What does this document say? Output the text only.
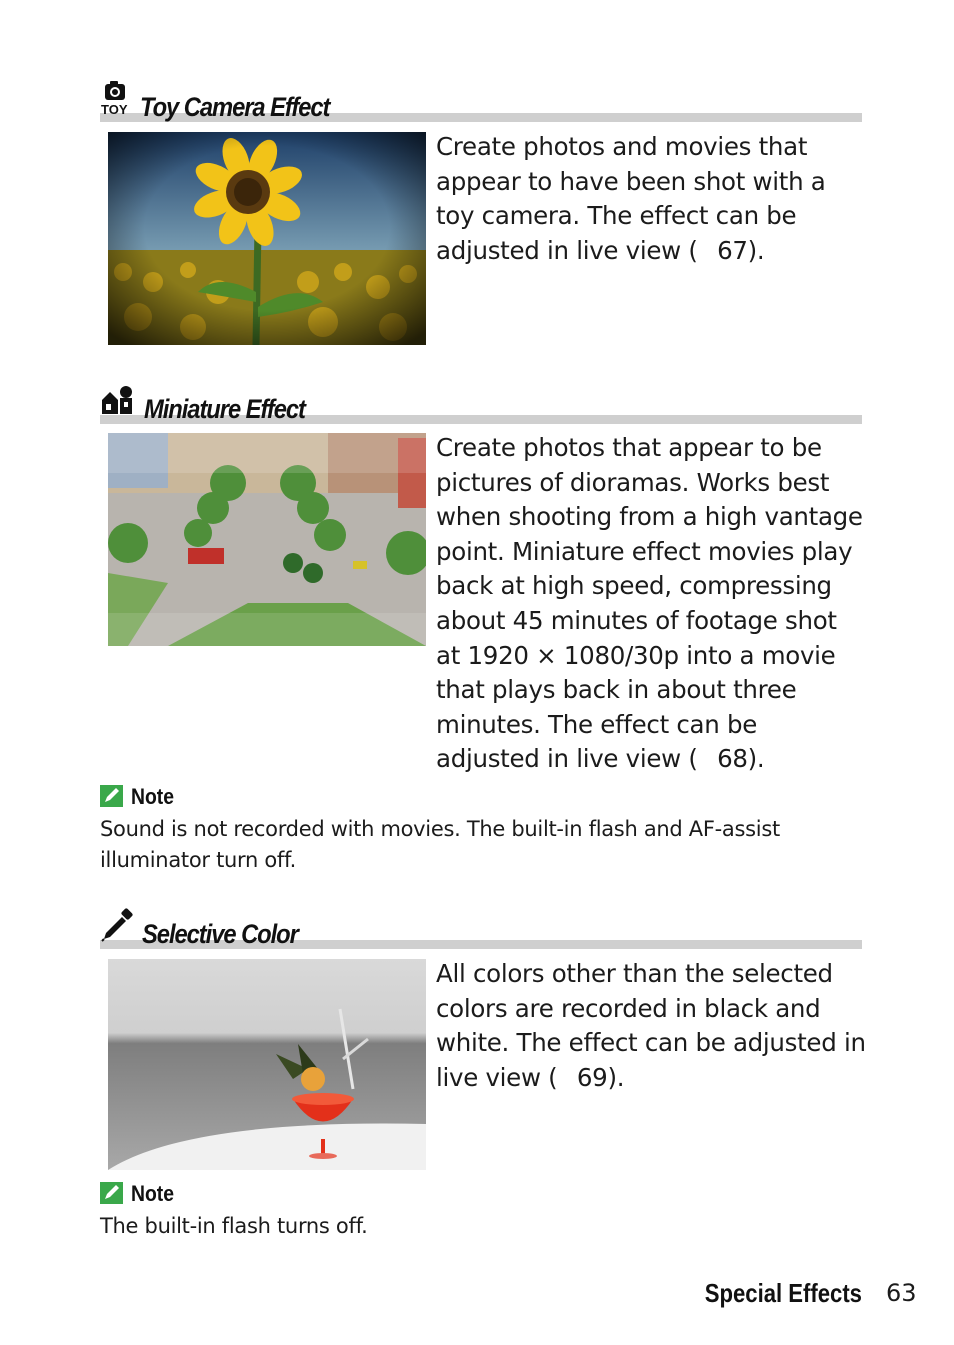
TOY Toy Camera Effect
Create photos and movies that appear to have been shot with a toy camera. The effect can be adjusted in live view (  67).
Miniature Effect
Create photos that appear to be pictures of dioramas. Works best when shooting from a high vantage point. Miniature effect movies play back at high speed, compressing about 45 minutes of footage shot at 1920 × 1080/30p into a movie that plays back in about three minutes. The effect can be adjusted in live view (  68).
Note
Sound is not recorded with movies. The built-in flash and AF-assist illuminator turn off.
Selective Color
All colors other than the selected colors are recorded in black and white. The effect can be adjusted in live view (  69).
Note
The built-in flash turns off.
Special Effects 63
